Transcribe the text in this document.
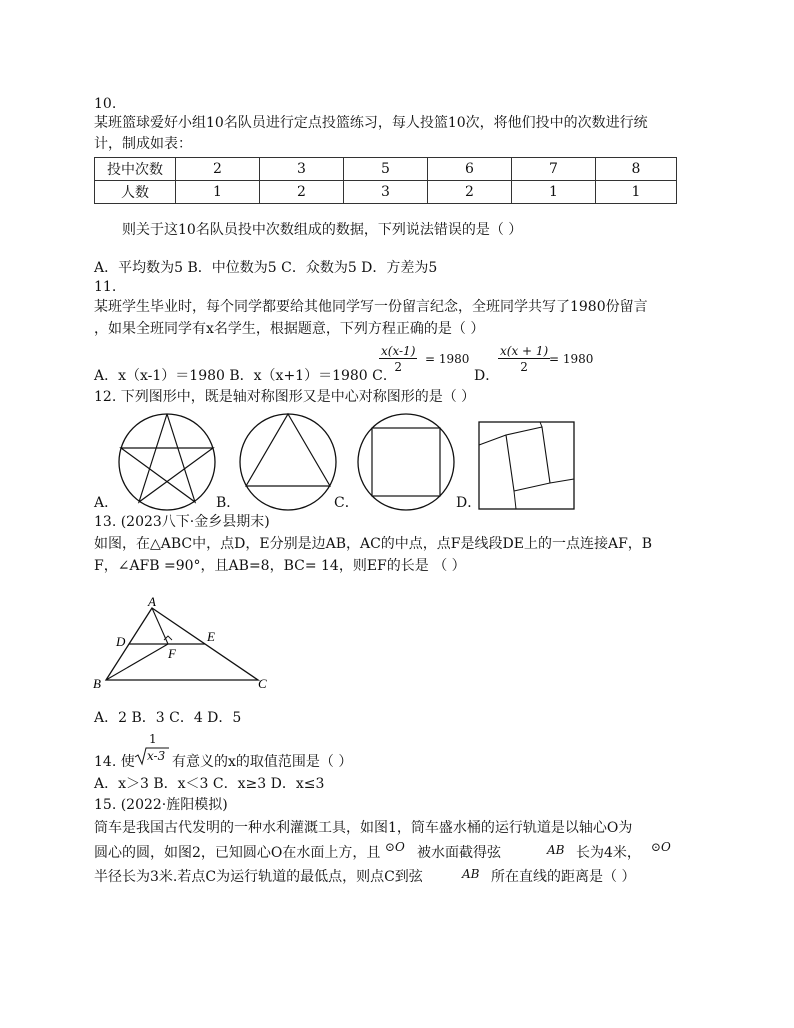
10.
某班篮球爱好小组10名队员进行定点投篮练习，每人投篮10次，将他们投中的次数进行统
计，制成如表：
投中次数	2	3	5	6	7	8
人数	1	2	3	2	1	1
则关于这10名队员投中次数组成的数据，下列说法错误的是（ ）
A．平均数为5 B．中位数为5 C．众数为5 D．方差为5
11.
某班学生毕业时，每个同学都要给其他同学写一份留言纪念，全班同学共写了1980份留言
，如果全班同学有x名学生，根据题意，下列方程正确的是（ ）
A．x（x-1）＝1980 B．x（x+1）＝1980 C．
$\frac{x(x-1)}{2} = 1980$
D．
$\frac{x(x + 1)}{2}$
= 1980
12. 下列图形中，既是轴对称图形又是中心对称图形的是（ ）
A．	B．	C．	D．
13. (2023八下·金乡县期末)
如图，在△ABC中，点D，E分别是边AB，AC的中点，点F是线段DE上的一点连接AF，B
F，∠AFB =90°，且AB=8，BC= 14，则EF的长是 （ ）
A
D	E
F
B	C
A．2 B．3 C．4 D．5
14. 使
1
x-3 有意义的x的取值范围是（ ）
A．x＞3 B．x＜3 C．x≥3 D．x≤3
15. (2022·旌阳模拟)
筒车是我国古代发明的一种水利灌溉工具，如图1，筒车盛水桶的运行轨道是以轴心O为
圆心的圆，如图2，已知圆心O在水面上方，且 ⊙O 被水面截得弦	AB 长为4米， ⊙O
半径长为3米.若点C为运行轨道的最低点，则点C到弦	AB 所在直线的距离是（ ）
